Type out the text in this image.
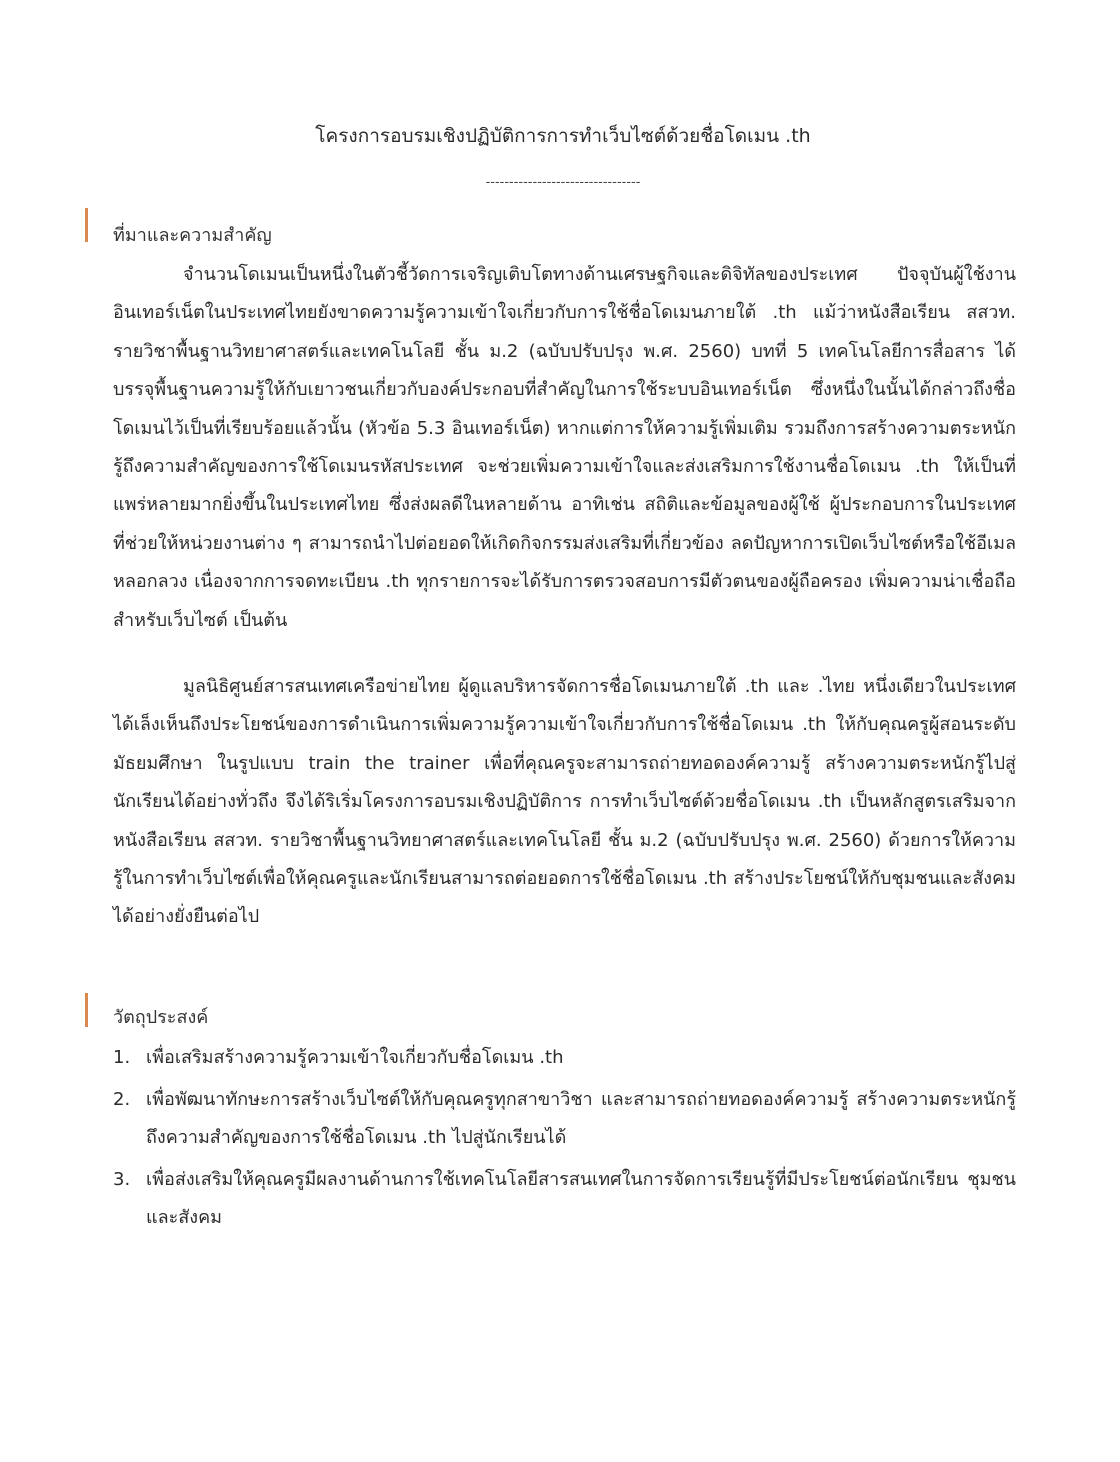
โครงการอบรมเชิงปฏิบัติการการทำเว็บไซต์ด้วยชื่อโดเมน .th
---------------------------------
ที่มาและความสำคัญ

จำนวนโดเมนเป็นหนึ่งในตัวชี้วัดการเจริญเติบโตทางด้านเศรษฐกิจและดิจิทัลของประเทศ ปัจจุบันผู้ใช้งานอินเทอร์เน็ตในประเทศไทยยังขาดความรู้ความเข้าใจเกี่ยวกับการใช้ชื่อโดเมนภายใต้ .th แม้ว่าหนังสือเรียน สสวท. รายวิชาพื้นฐานวิทยาศาสตร์และเทคโนโลยี ชั้น ม.2 (ฉบับปรับปรุง พ.ศ. 2560) บทที่ 5 เทคโนโลยีการสื่อสาร ได้บรรจุพื้นฐานความรู้ให้กับเยาวชนเกี่ยวกับองค์ประกอบที่สำคัญในการใช้ระบบอินเทอร์เน็ต ซึ่งหนึ่งในนั้นได้กล่าวถึงชื่อโดเมนไว้เป็นที่เรียบร้อยแล้วนั้น (หัวข้อ 5.3 อินเทอร์เน็ต) หากแต่การให้ความรู้เพิ่มเติม รวมถึงการสร้างความตระหนักรู้ถึงความสำคัญของการใช้โดเมนรหัสประเทศ จะช่วยเพิ่มความเข้าใจและส่งเสริมการใช้งานชื่อโดเมน .th ให้เป็นที่แพร่หลายมากยิ่งขึ้นในประเทศไทย ซึ่งส่งผลดีในหลายด้าน อาทิเช่น สถิติและข้อมูลของผู้ใช้ ผู้ประกอบการในประเทศ ที่ช่วยให้หน่วยงานต่าง ๆ สามารถนำไปต่อยอดให้เกิดกิจกรรมส่งเสริมที่เกี่ยวข้อง ลดปัญหาการเปิดเว็บไซต์หรือใช้อีเมลหลอกลวง เนื่องจากการจดทะเบียน .th ทุกรายการจะได้รับการตรวจสอบการมีตัวตนของผู้ถือครอง เพิ่มความน่าเชื่อถือสำหรับเว็บไซต์ เป็นต้น

มูลนิธิศูนย์สารสนเทศเครือข่ายไทย ผู้ดูแลบริหารจัดการชื่อโดเมนภายใต้ .th และ .ไทย หนึ่งเดียวในประเทศ ได้เล็งเห็นถึงประโยชน์ของการดำเนินการเพิ่มความรู้ความเข้าใจเกี่ยวกับการใช้ชื่อโดเมน .th ให้กับคุณครูผู้สอนระดับมัธยมศึกษา ในรูปแบบ train the trainer เพื่อที่คุณครูจะสามารถถ่ายทอดองค์ความรู้ สร้างความตระหนักรู้ไปสู่นักเรียนได้อย่างทั่วถึง จึงได้ริเริ่มโครงการอบรมเชิงปฏิบัติการ การทำเว็บไซต์ด้วยชื่อโดเมน .th เป็นหลักสูตรเสริมจากหนังสือเรียน สสวท. รายวิชาพื้นฐานวิทยาศาสตร์และเทคโนโลยี ชั้น ม.2 (ฉบับปรับปรุง พ.ศ. 2560) ด้วยการให้ความรู้ในการทำเว็บไซต์เพื่อให้คุณครูและนักเรียนสามารถต่อยอดการใช้ชื่อโดเมน .th สร้างประโยชน์ให้กับชุมชนและสังคมได้อย่างยั่งยืนต่อไป

วัตถุประสงค์
1. เพื่อเสริมสร้างความรู้ความเข้าใจเกี่ยวกับชื่อโดเมน .th
2. เพื่อพัฒนาทักษะการสร้างเว็บไซต์ให้กับคุณครูทุกสาขาวิชา และสามารถถ่ายทอดองค์ความรู้ สร้างความตระหนักรู้ถึงความสำคัญของการใช้ชื่อโดเมน .th ไปสู่นักเรียนได้
3. เพื่อส่งเสริมให้คุณครูมีผลงานด้านการใช้เทคโนโลยีสารสนเทศในการจัดการเรียนรู้ที่มีประโยชน์ต่อนักเรียน ชุมชนและสังคม
